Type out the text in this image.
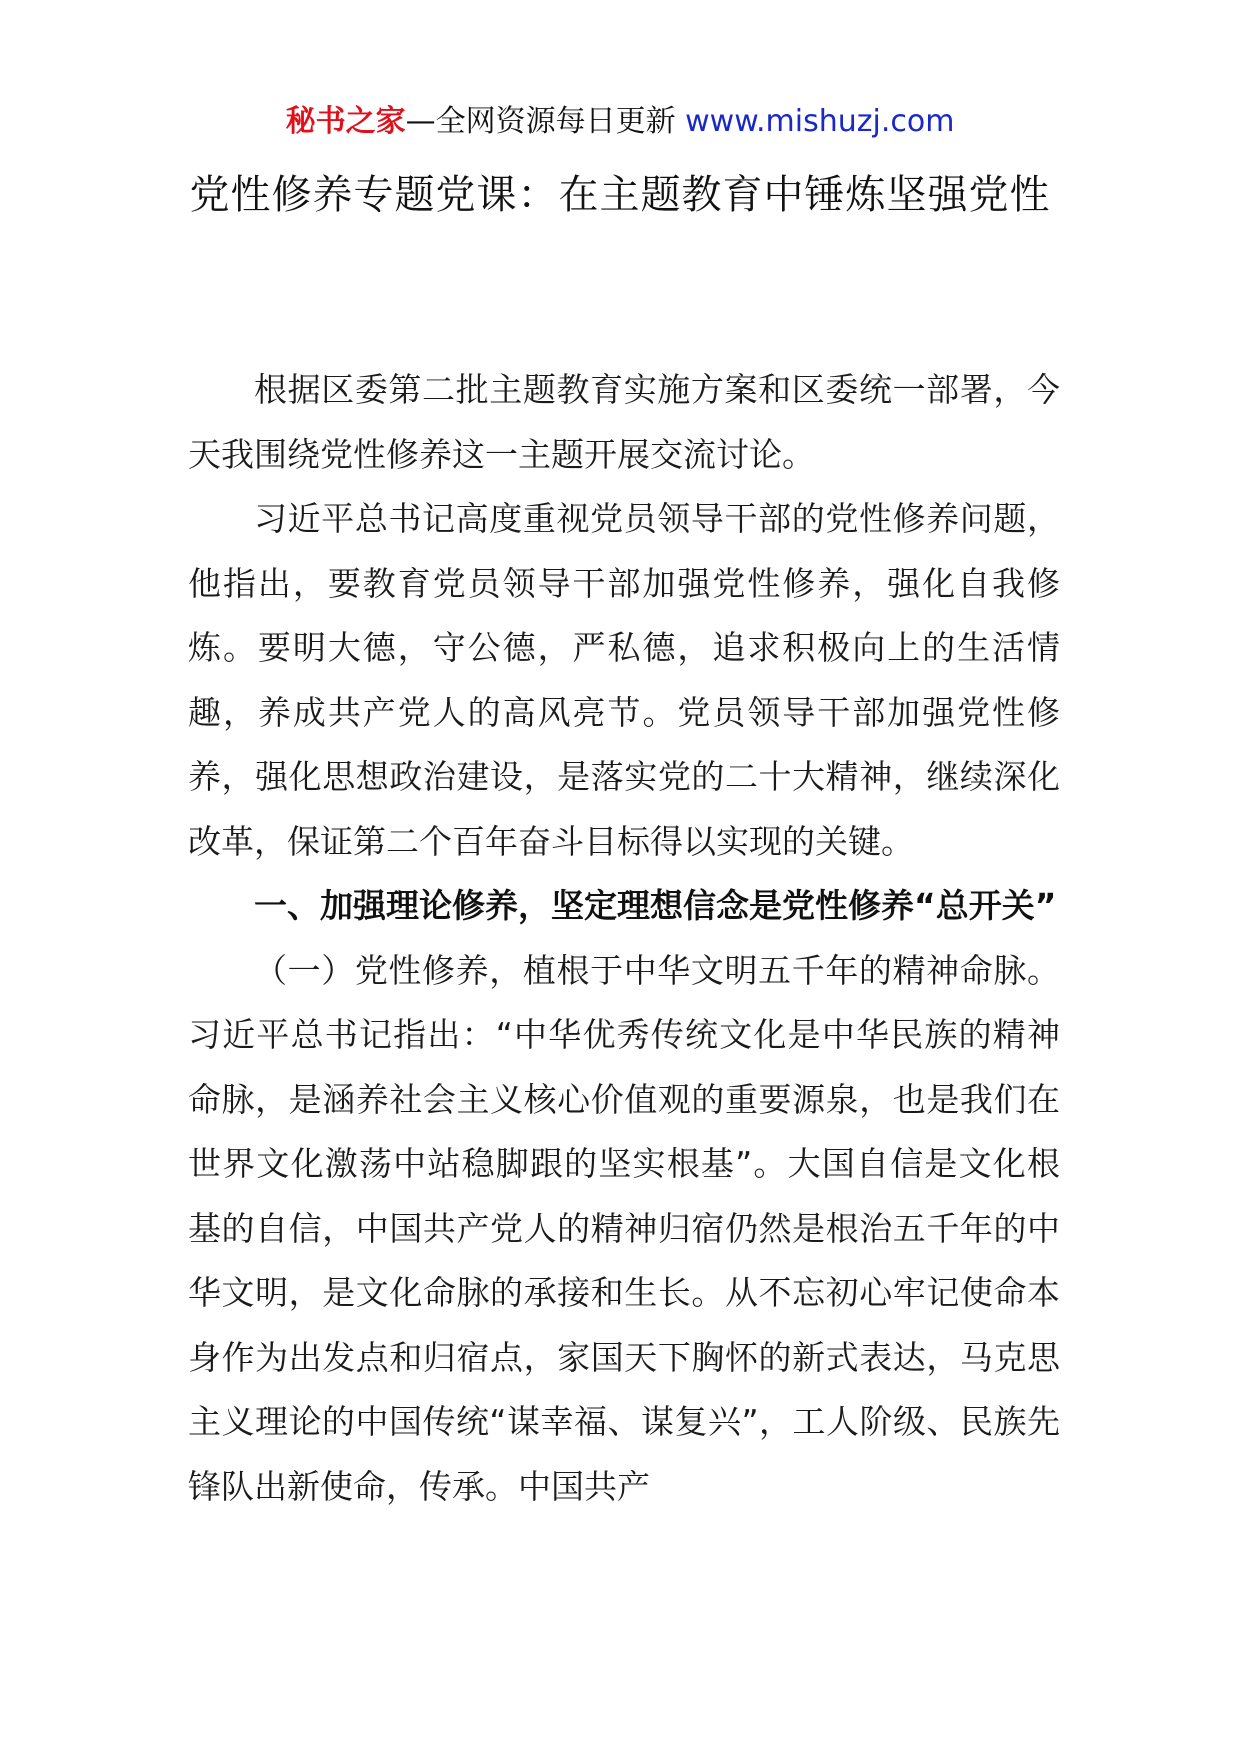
秘书之家—全网资源每日更新 www.mishuzj.com
党性修养专题党课：在主题教育中锤炼坚强党性

根据区委第二批主题教育实施方案和区委统一部署，今天我围绕党性修养这一主题开展交流讨论。

习近平总书记高度重视党员领导干部的党性修养问题，他指出，要教育党员领导干部加强党性修养，强化自我修炼。要明大德，守公德，严私德，追求积极向上的生活情趣，养成共产党人的高风亮节。党员领导干部加强党性修养，强化思想政治建设，是落实党的二十大精神，继续深化改革，保证第二个百年奋斗目标得以实现的关键。

一、加强理论修养，坚定理想信念是党性修养“总开关”

（一）党性修养，植根于中华文明五千年的精神命脉。习近平总书记指出：“中华优秀传统文化是中华民族的精神命脉，是涵养社会主义核心价值观的重要源泉，也是我们在世界文化激荡中站稳脚跟的坚实根基”。大国自信是文化根基的自信，中国共产党人的精神归宿仍然是根治五千年的中华文明，是文化命脉的承接和生长。从不忘初心牢记使命本身作为出发点和归宿点，家国天下胸怀的新式表达，马克思主义理论的中国传统“谋幸福、谋复兴”，工人阶级、民族先锋队出新使命，传承。中国共产
